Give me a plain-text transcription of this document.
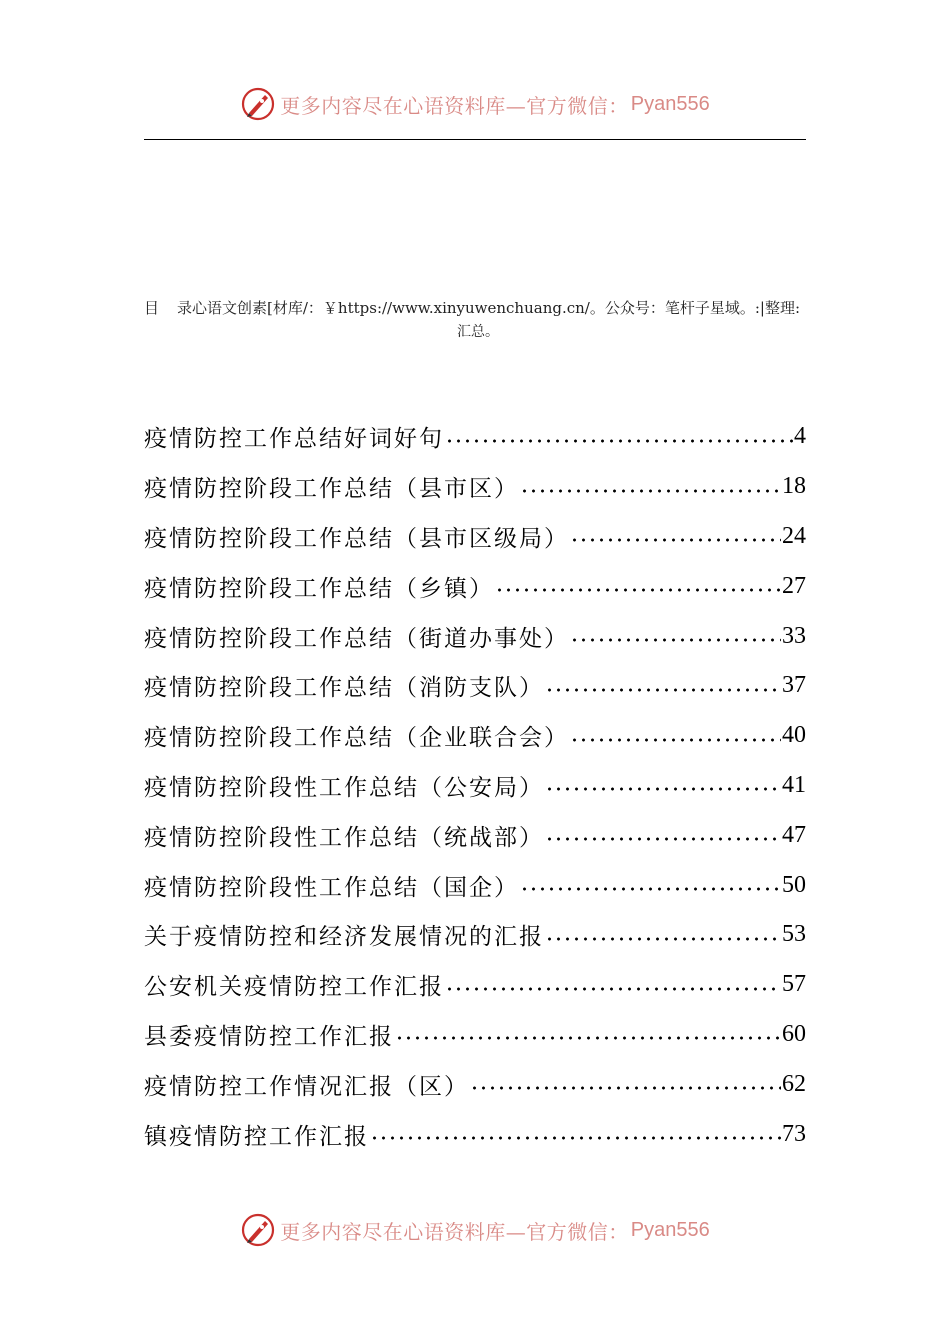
更多内容尽在心语资料库—官方微信： Pyan556
目 录心语文创素[材库/：￥https://www.xinyuwenchuang.cn/。公众号：笔杆子星域。:|整理:
汇总。
疫情防控工作总结好词好句	4
疫情防控阶段工作总结（县市区）	18
疫情防控阶段工作总结（县市区级局）	24
疫情防控阶段工作总结（乡镇）	27
疫情防控阶段工作总结（街道办事处）	33
疫情防控阶段工作总结（消防支队）	37
疫情防控阶段工作总结（企业联合会）	40
疫情防控阶段性工作总结（公安局）	41
疫情防控阶段性工作总结（统战部）	47
疫情防控阶段性工作总结（国企）	50
关于疫情防控和经济发展情况的汇报	53
公安机关疫情防控工作汇报	57
县委疫情防控工作汇报	60
疫情防控工作情况汇报（区）	62
镇疫情防控工作汇报	73
更多内容尽在心语资料库—官方微信： Pyan556
